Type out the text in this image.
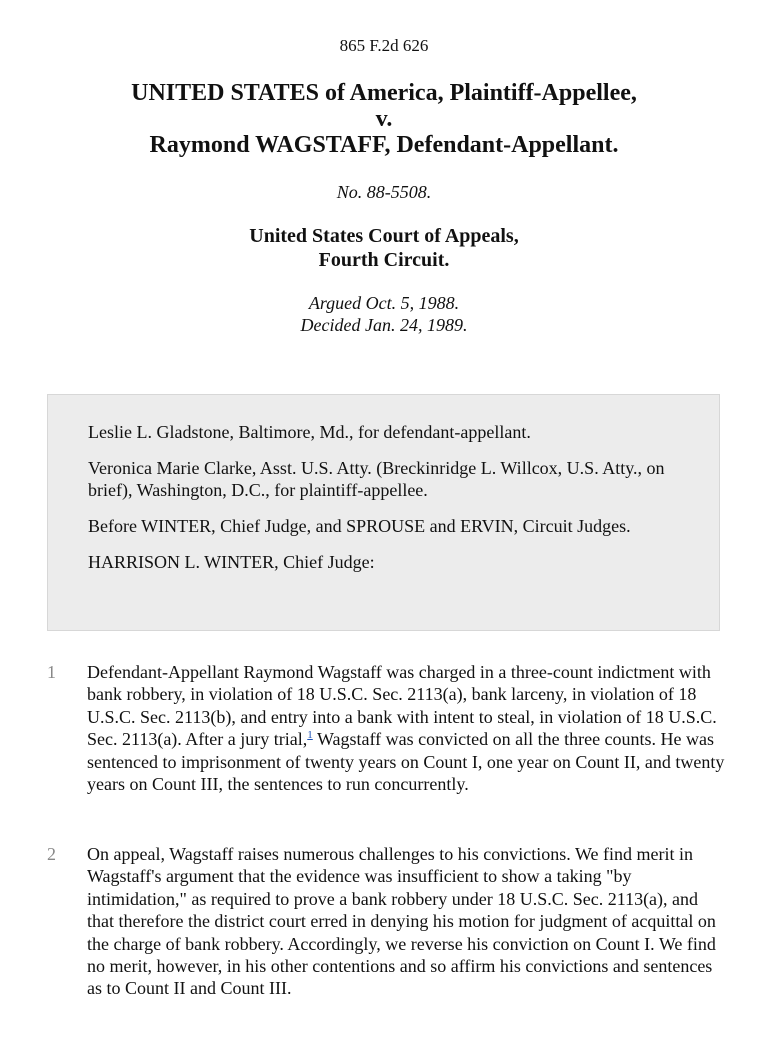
865 F.2d 626
UNITED STATES of America, Plaintiff-Appellee,
v.
Raymond WAGSTAFF, Defendant-Appellant.
No. 88-5508.
United States Court of Appeals,
Fourth Circuit.
Argued Oct. 5, 1988.
Decided Jan. 24, 1989.

Leslie L. Gladstone, Baltimore, Md., for defendant-appellant.

Veronica Marie Clarke, Asst. U.S. Atty. (Breckinridge L. Willcox, U.S. Atty., on brief), Washington, D.C., for plaintiff-appellee.

Before WINTER, Chief Judge, and SPROUSE and ERVIN, Circuit Judges.

HARRISON L. WINTER, Chief Judge:

1	Defendant-Appellant Raymond Wagstaff was charged in a three-count indictment with bank robbery, in violation of 18 U.S.C. Sec. 2113(a), bank larceny, in violation of 18 U.S.C. Sec. 2113(b), and entry into a bank with intent to steal, in violation of 18 U.S.C. Sec. 2113(a). After a jury trial,$^1$ Wagstaff was convicted on all the three counts. He was sentenced to imprisonment of twenty years on Count I, one year on Count II, and twenty years on Count III, the sentences to run concurrently.
2	On appeal, Wagstaff raises numerous challenges to his convictions. We find merit in Wagstaff's argument that the evidence was insufficient to show a taking "by intimidation," as required to prove a bank robbery under 18 U.S.C. Sec. 2113(a), and that therefore the district court erred in denying his motion for judgment of acquittal on the charge of bank robbery. Accordingly, we reverse his conviction on Count I. We find no merit, however, in his other contentions and so affirm his convictions and sentences as to Count II and Count III.
